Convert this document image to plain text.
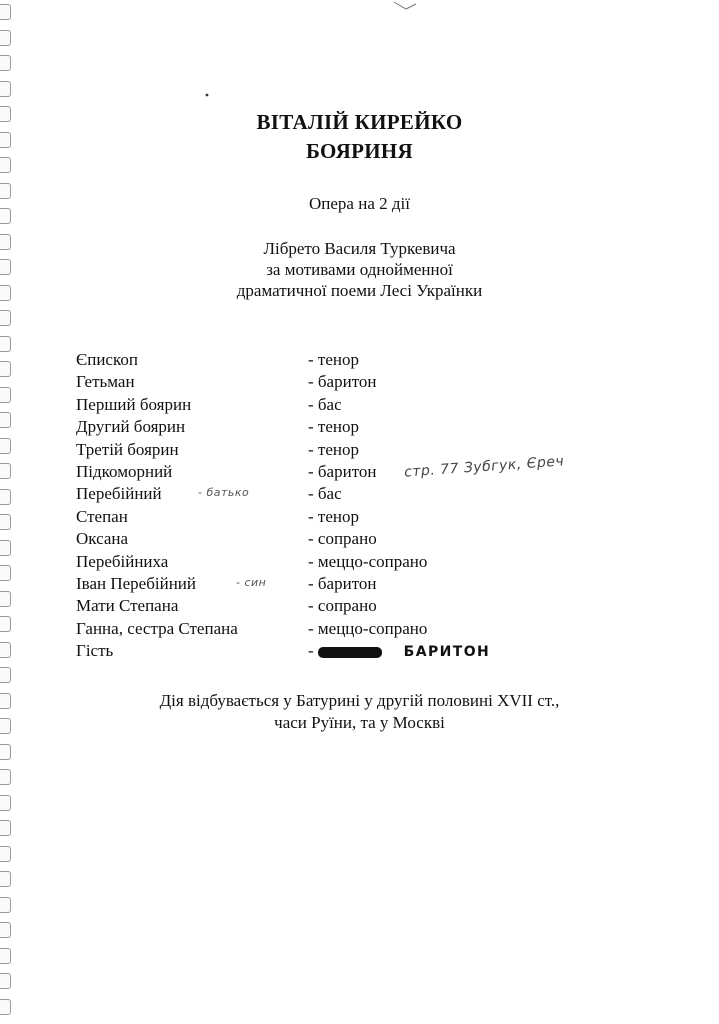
ВІТАЛІЙ КИРЕЙКО
БОЯРИНЯ
Опера на 2 дії
Лібрето Василя Туркевича
за мотивами однойменної
драматичної поеми Лесі Українки
Єпископ	- тенор
Гетьман	- баритон
Перший боярин	- бас
Другий боярин	- тенор
Третій боярин	- тенор
Підкоморний	- баритон стр. 77 Зубгук, Єреч
Перебійний	- батько	- бас
Степан	- тенор
Оксана	- сопрано
Перебійниха	- меццо-сопрано
Іван Перебійний	- син - баритон
Мати Степана	- сопрано
Ганна, сестра Степана	- меццо-сопрано
Гість	-	БАРИТОН
Дія відбувається у Батурині у другій половині XVII ст.,
часи Руїни, та у Москві
